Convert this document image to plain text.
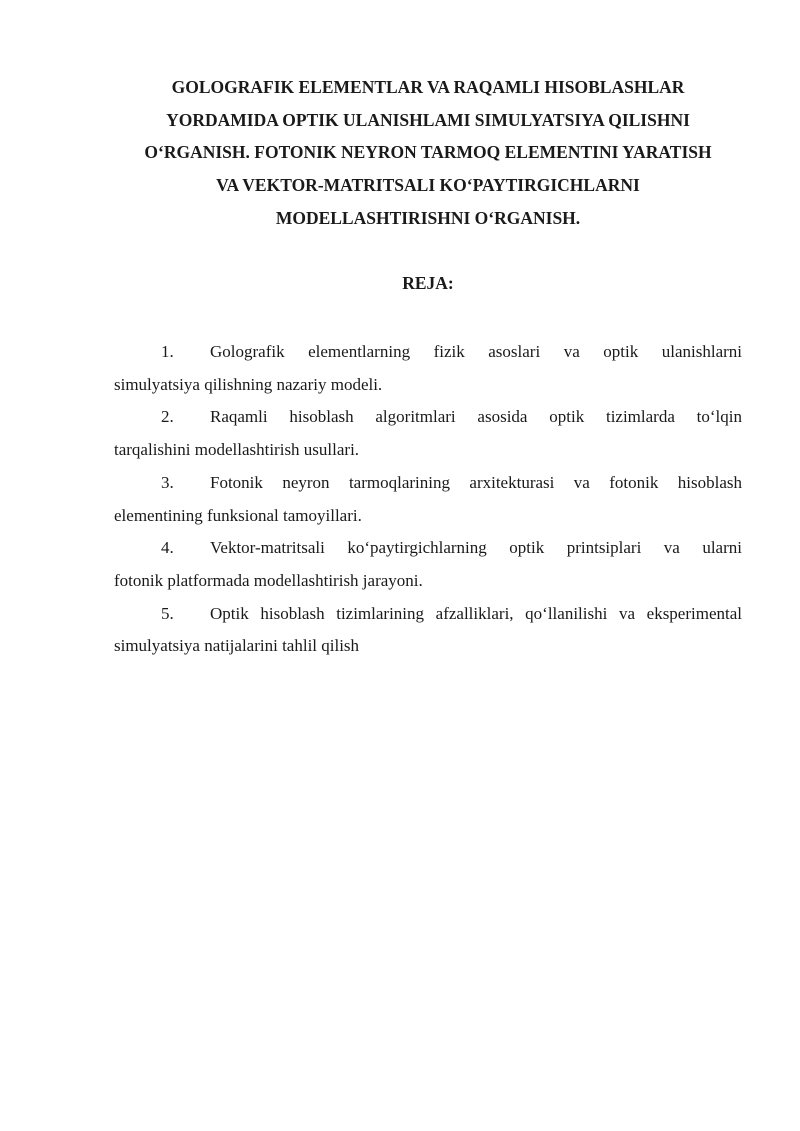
GOLOGRAFIK ELEMENTLAR VA RAQAMLI HISOBLASHLAR
YORDAMIDA OPTIK ULANISHLAMI SIMULYATSIYA QILISHNI
O‘RGANISH. FOTONIK NEYRON TARMOQ ELEMENTINI YARATISH
VA VEKTOR-MATRITSALI KO‘PAYTIRGICHLARNI
MODELLASHTIRISHNI O‘RGANISH.
REJA:
1. Golografik elementlarning fizik asoslari va optik ulanishlarni
simulyatsiya qilishning nazariy modeli.
2. Raqamli hisoblash algoritmlari asosida optik tizimlarda to‘lqin
tarqalishini modellashtirish usullari.
3. Fotonik neyron tarmoqlarining arxitekturasi va fotonik hisoblash
elementining funksional tamoyillari.
4. Vektor-matritsali ko‘paytirgichlarning optik printsiplari va ularni
fotonik platformada modellashtirish jarayoni.
5. Optik hisoblash tizimlarining afzalliklari, qo‘llanilishi va eksperimental
simulyatsiya natijalarini tahlil qilish
